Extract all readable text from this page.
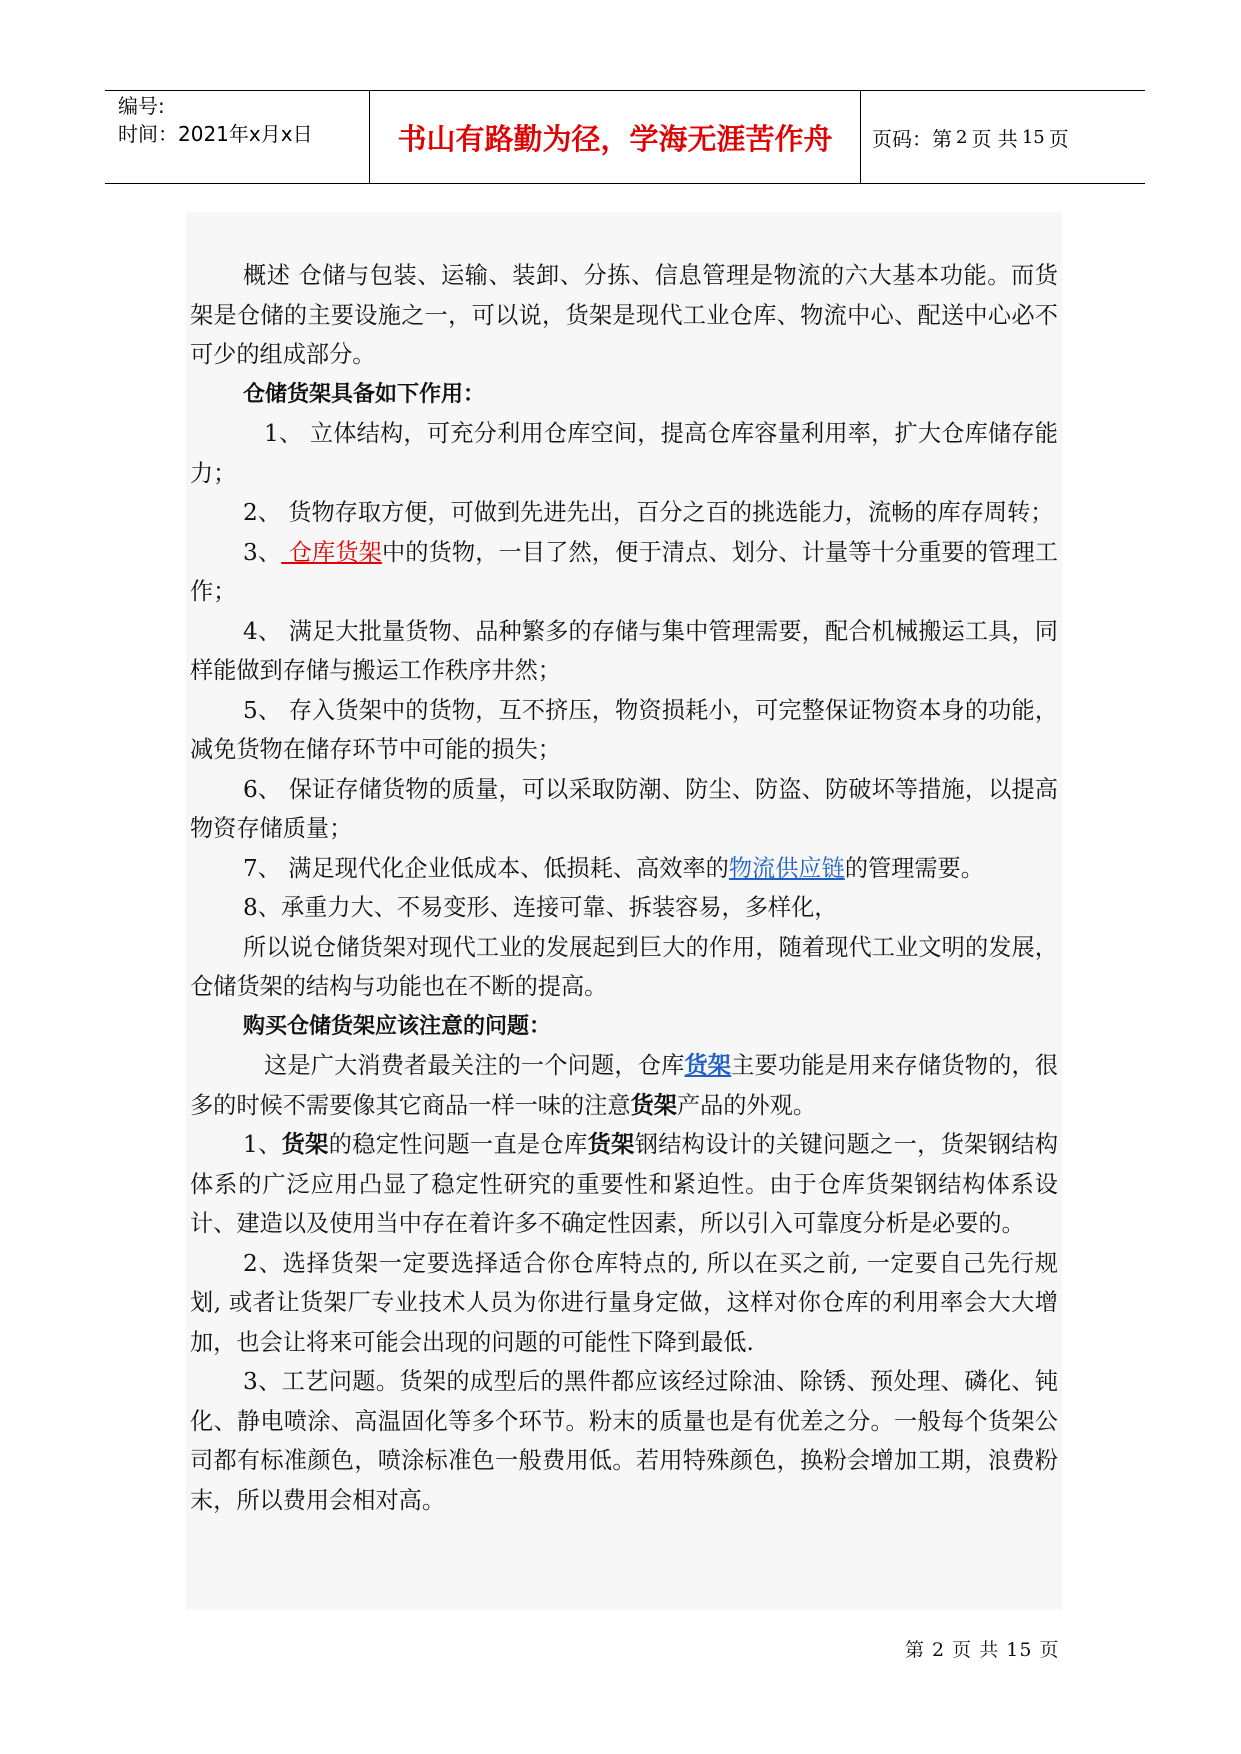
编号:
时间：2021年x月x日	书山有路勤为径，学海无涯苦作舟	页码：第 2 页 共 15 页

概述 仓储与包装、运输、装卸、分拣、信息管理是物流的六大基本功能。而货架是仓储的主要设施之一，可以说，货架是现代工业仓库、物流中心、配送中心必不可少的组成部分。

仓储货架具备如下作用：

1、 立体结构，可充分利用仓库空间，提高仓库容量利用率，扩大仓库储存能力；

2、 货物存取方便，可做到先进先出，百分之百的挑选能力，流畅的库存周转；

3、 仓库货架中的货物，一目了然，便于清点、划分、计量等十分重要的管理工作；

4、 满足大批量货物、品种繁多的存储与集中管理需要，配合机械搬运工具，同样能做到存储与搬运工作秩序井然；

5、 存入货架中的货物，互不挤压，物资损耗小，可完整保证物资本身的功能，减免货物在储存环节中可能的损失；

6、 保证存储货物的质量，可以采取防潮、防尘、防盗、防破坏等措施，以提高物资存储质量；

7、 满足现代化企业低成本、低损耗、高效率的物流供应链的管理需要。

8、承重力大、不易变形、连接可靠、拆装容易，多样化，

所以说仓储货架对现代工业的发展起到巨大的作用，随着现代工业文明的发展，仓储货架的结构与功能也在不断的提高。

购买仓储货架应该注意的问题：

这是广大消费者最关注的一个问题，仓库货架主要功能是用来存储货物的，很多的时候不需要像其它商品一样一味的注意货架产品的外观。

1、货架的稳定性问题一直是仓库货架钢结构设计的关键问题之一，货架钢结构体系的广泛应用凸显了稳定性研究的重要性和紧迫性。由于仓库货架钢结构体系设计、建造以及使用当中存在着许多不确定性因素，所以引入可靠度分析是必要的。

2、选择货架一定要选择适合你仓库特点的, 所以在买之前, 一定要自己先行规划, 或者让货架厂专业技术人员为你进行量身定做，这样对你仓库的利用率会大大增加，也会让将来可能会出现的问题的可能性下降到最低.

3、工艺问题。货架的成型后的黑件都应该经过除油、除锈、预处理、磷化、钝化、静电喷涂、高温固化等多个环节。粉末的质量也是有优差之分。一般每个货架公司都有标准颜色，喷涂标准色一般费用低。若用特殊颜色，换粉会增加工期，浪费粉末，所以费用会相对高。

第 2 页 共 15 页
